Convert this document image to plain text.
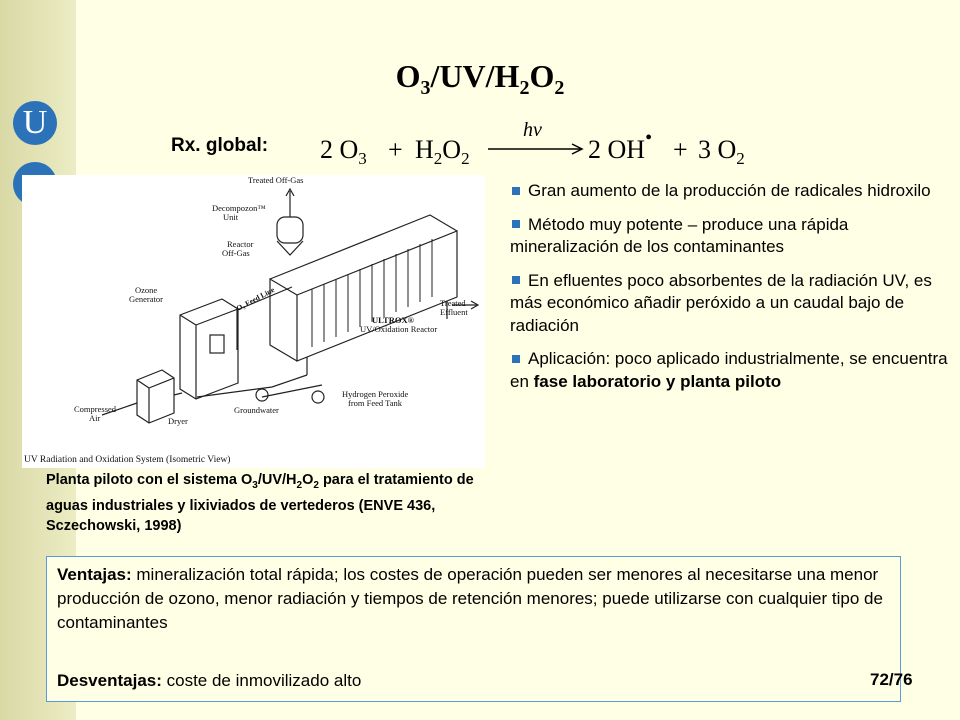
U
$O_3/UV/H_2O_2$
Rx. global: 2 $O_3 + H_2O_2$
hν
2 OH• + 3 $O_2$
Treated Off-Gas
Decompozon™
Unit
Reactor
Off-Gas
Ozone
Generator	O₃ Feed Line	Treated
Effluent
ULTROX®
UV/Oxidation Reactor
Groundwater
Hydrogen Peroxide
from Feed Tank
Compressed
Air	Dryer
UV Radiation and Oxidation System (Isometric View)
Planta piloto con el sistema $O_3/UV/H_2O_2$ para el tratamiento de aguas industriales y lixiviados de vertederos (ENVE 436, Sczechowski, 1998)
Gran aumento de la producción de radicales hidroxilo
Método muy potente – produce una rápida mineralización de los contaminantes
En efluentes poco absorbentes de la radiación UV, es más económico añadir peróxido a un caudal bajo de radiación
Aplicación: poco aplicado industrialmente, se encuentra en fase laboratorio y planta piloto

Ventajas: mineralización total rápida; los costes de operación pueden ser menores al necesitarse una menor producción de ozono, menor radiación y tiempos de retención menores; puede utilizarse con cualquier tipo de contaminantes

Desventajas: coste de inmovilizado alto	72/76
